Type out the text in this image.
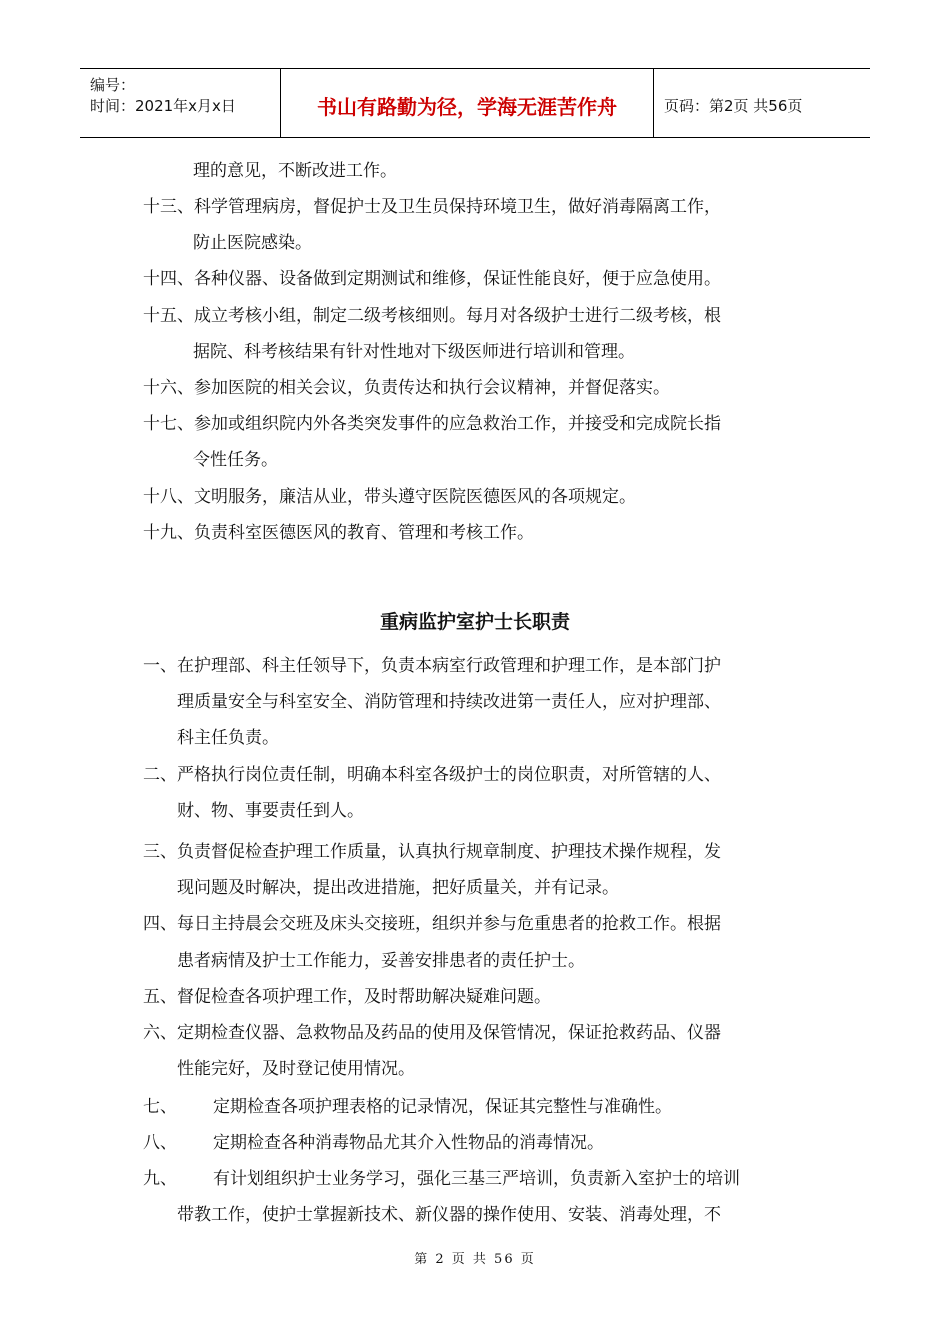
编号：
时间：2021年x月x日	书山有路勤为径，学海无涯苦作舟	页码：第2页 共56页
理的意见，不断改进工作。
十三、科学管理病房，督促护士及卫生员保持环境卫生，做好消毒隔离工作，
防止医院感染。
十四、各种仪器、设备做到定期测试和维修，保证性能良好，便于应急使用。
十五、成立考核小组，制定二级考核细则。每月对各级护士进行二级考核，根
据院、科考核结果有针对性地对下级医师进行培训和管理。
十六、参加医院的相关会议，负责传达和执行会议精神，并督促落实。
十七、参加或组织院内外各类突发事件的应急救治工作，并接受和完成院长指
令性任务。
十八、文明服务，廉洁从业，带头遵守医院医德医风的各项规定。
十九、负责科室医德医风的教育、管理和考核工作。
重病监护室护士长职责
一、在护理部、科主任领导下，负责本病室行政管理和护理工作，是本部门护
理质量安全与科室安全、消防管理和持续改进第一责任人，应对护理部、
科主任负责。
二、严格执行岗位责任制，明确本科室各级护士的岗位职责，对所管辖的人、
财、物、事要责任到人。
三、负责督促检查护理工作质量，认真执行规章制度、护理技术操作规程，发
现问题及时解决，提出改进措施，把好质量关，并有记录。
四、每日主持晨会交班及床头交接班，组织并参与危重患者的抢救工作。根据
患者病情及护士工作能力，妥善安排患者的责任护士。
五、督促检查各项护理工作，及时帮助解决疑难问题。
六、定期检查仪器、急救物品及药品的使用及保管情况，保证抢救药品、仪器
性能完好，及时登记使用情况。
七、 定期检查各项护理表格的记录情况，保证其完整性与准确性。
八、 定期检查各种消毒物品尤其介入性物品的消毒情况。
九、 有计划组织护士业务学习，强化三基三严培训，负责新入室护士的培训
带教工作，使护士掌握新技术、新仪器的操作使用、安装、消毒处理，不
第 2 页 共 56 页
